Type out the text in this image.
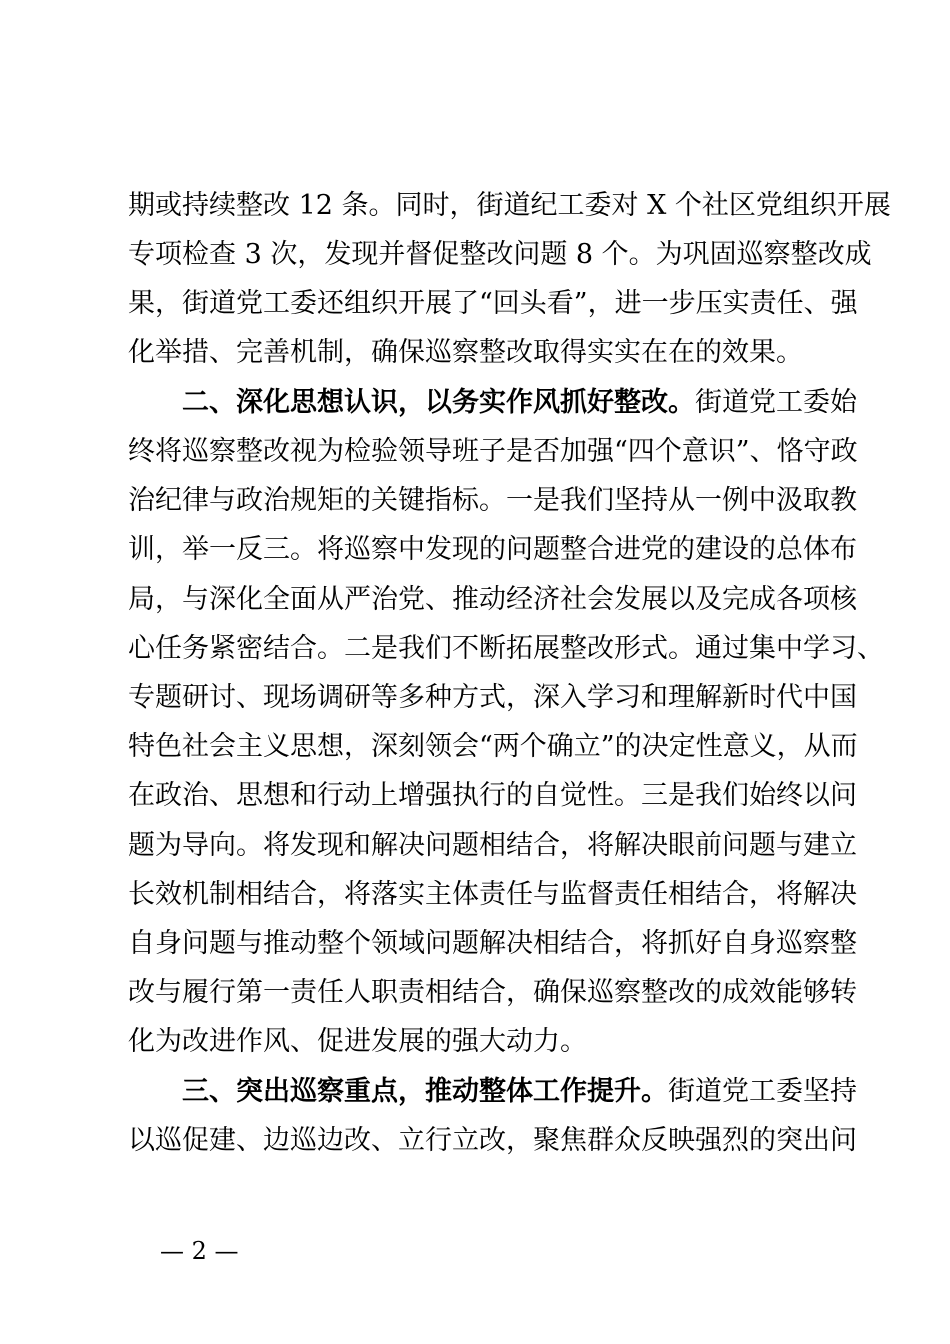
期或持续整改 12 条。同时，街道纪工委对 X 个社区党组织开展
专项检查 3 次，发现并督促整改问题 8 个。为巩固巡察整改成
果，街道党工委还组织开展了“回头看”，进一步压实责任、强
化举措、完善机制，确保巡察整改取得实实在在的效果。
二、深化思想认识，以务实作风抓好整改。街道党工委始
终将巡察整改视为检验领导班子是否加强“四个意识”、恪守政
治纪律与政治规矩的关键指标。一是我们坚持从一例中汲取教
训，举一反三。将巡察中发现的问题整合进党的建设的总体布
局，与深化全面从严治党、推动经济社会发展以及完成各项核
心任务紧密结合。二是我们不断拓展整改形式。通过集中学习、
专题研讨、现场调研等多种方式，深入学习和理解新时代中国
特色社会主义思想，深刻领会“两个确立”的决定性意义，从而
在政治、思想和行动上增强执行的自觉性。三是我们始终以问
题为导向。将发现和解决问题相结合，将解决眼前问题与建立
长效机制相结合，将落实主体责任与监督责任相结合，将解决
自身问题与推动整个领域问题解决相结合，将抓好自身巡察整
改与履行第一责任人职责相结合，确保巡察整改的成效能够转
化为改进作风、促进发展的强大动力。
三、突出巡察重点，推动整体工作提升。街道党工委坚持
以巡促建、边巡边改、立行立改，聚焦群众反映强烈的突出问
— 2 —
